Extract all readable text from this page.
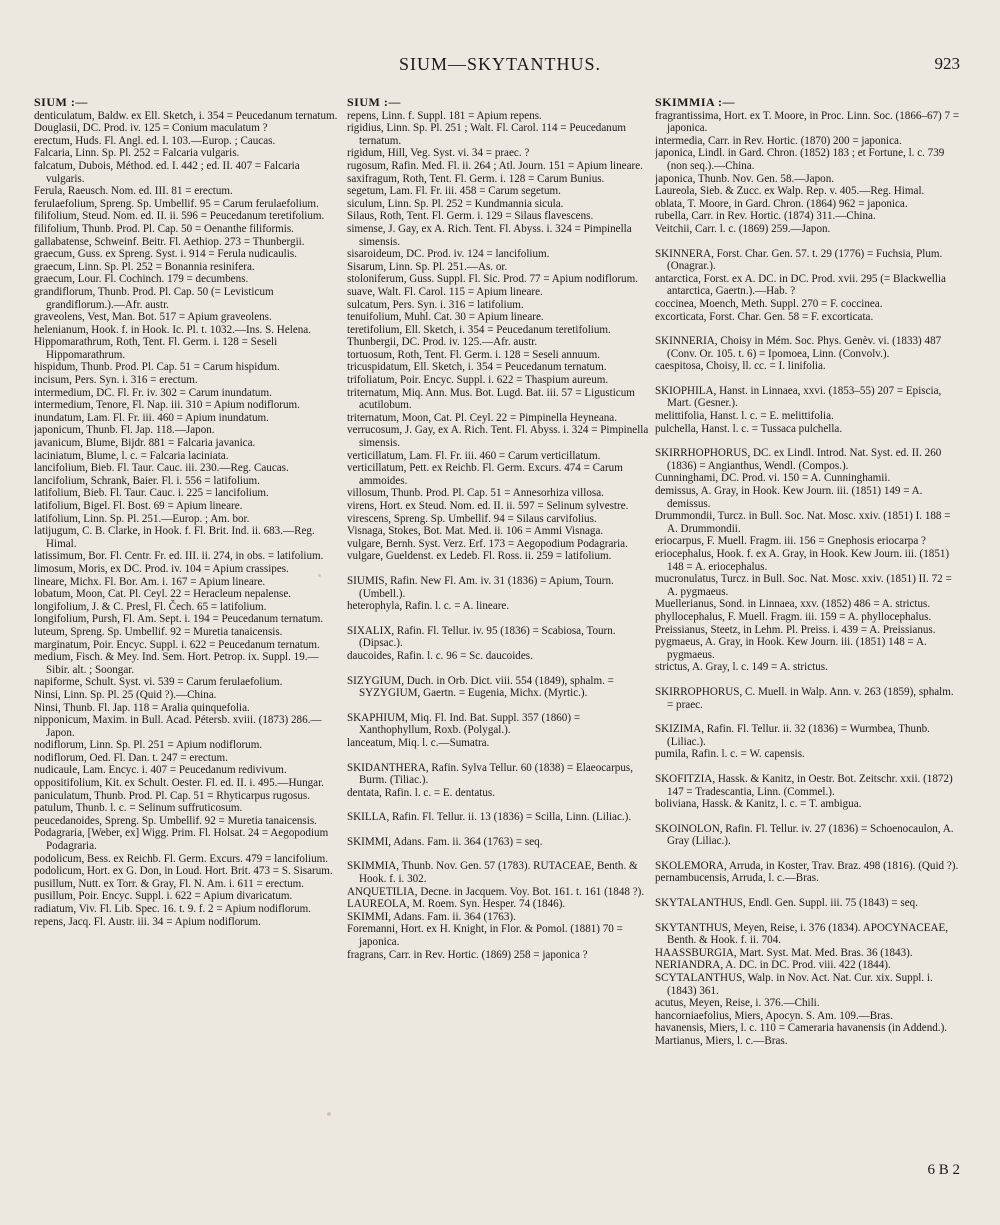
SIUM—SKYTANTHUS.	923
SIUM :—

denticulatum, Baldw. ex Ell. Sketch, i. 354 = Peucedanum ternatum.

Douglasii, DC. Prod. iv. 125 = Conium maculatum ?

erectum, Huds. Fl. Angl. ed. I. 103.—Europ. ; Caucas.

Falcaria, Linn. Sp. Pl. 252 = Falcaria vulgaris.

falcatum, Dubois, Méthod. ed. I. 442 ; ed. II. 407 = Falcaria vulgaris.

Ferula, Raeusch. Nom. ed. III. 81 = erectum.

ferulaefolium, Spreng. Sp. Umbellif. 95 = Carum ferulaefolium.

filifolium, Steud. Nom. ed. II. ii. 596 = Peucedanum teretifolium.

filifolium, Thunb. Prod. Pl. Cap. 50 = Oenanthe filiformis.

gallabatense, Schweinf. Beitr. Fl. Aethiop. 273 = Thunbergii.

graecum, Guss. ex Spreng. Syst. i. 914 = Ferula nudicaulis.

graecum, Linn. Sp. Pl. 252 = Bonannia resinifera.

graecum, Lour. Fl. Cochinch. 179 = decumbens.

grandiflorum, Thunb. Prod. Pl. Cap. 50 (= Levisticum grandiflorum.).—Afr. austr.

graveolens, Vest, Man. Bot. 517 = Apium graveolens.

helenianum, Hook. f. in Hook. Ic. Pl. t. 1032.—Ins. S. Helena.

Hippomarathrum, Roth, Tent. Fl. Germ. i. 128 = Seseli Hippomarathrum.

hispidum, Thunb. Prod. Pl. Cap. 51 = Carum hispidum.

incisum, Pers. Syn. i. 316 = erectum.

intermedium, DC. Fl. Fr. iv. 302 = Carum inundatum.

intermedium, Tenore, Fl. Nap. iii. 310 = Apium nodiflorum.

inundatum, Lam. Fl. Fr. iii. 460 = Apium inundatum.

japonicum, Thunb. Fl. Jap. 118.—Japon.

javanicum, Blume, Bijdr. 881 = Falcaria javanica.

laciniatum, Blume, l. c. = Falcaria laciniata.

lancifolium, Bieb. Fl. Taur. Cauc. iii. 230.—Reg. Caucas.

lancifolium, Schrank, Baier. Fl. i. 556 = latifolium.

latifolium, Bieb. Fl. Taur. Cauc. i. 225 = lancifolium.

latifolium, Bigel. Fl. Bost. 69 = Apium lineare.

latifolium, Linn. Sp. Pl. 251.—Europ. ; Am. bor.

latijugum, C. B. Clarke, in Hook. f. Fl. Brit. Ind. ii. 683.—Reg. Himal.

latissimum, Bor. Fl. Centr. Fr. ed. III. ii. 274, in obs. = latifolium.

limosum, Moris, ex DC. Prod. iv. 104 = Apium crassipes.

lineare, Michx. Fl. Bor. Am. i. 167 = Apium lineare.

lobatum, Moon, Cat. Pl. Ceyl. 22 = Heracleum nepalense.

longifolium, J. & C. Presl, Fl. Čech. 65 = latifolium.

longifolium, Pursh, Fl. Am. Sept. i. 194 = Peucedanum ternatum.

luteum, Spreng. Sp. Umbellif. 92 = Muretia tanaicensis.

marginatum, Poir. Encyc. Suppl. i. 622 = Peucedanum ternatum.

medium, Fisch. & Mey. Ind. Sem. Hort. Petrop. ix. Suppl. 19.—Sibir. alt. ; Soongar.

napiforme, Schult. Syst. vi. 539 = Carum ferulaefolium.

Ninsi, Linn. Sp. Pl. 25 (Quid ?).—China.

Ninsi, Thunb. Fl. Jap. 118 = Aralia quinquefolia.

nipponicum, Maxim. in Bull. Acad. Pétersb. xviii. (1873) 286.—Japon.

nodiflorum, Linn. Sp. Pl. 251 = Apium nodiflorum.

nodiflorum, Oed. Fl. Dan. t. 247 = erectum.

nudicaule, Lam. Encyc. i. 407 = Peucedanum redivivum.

oppositifolium, Kit. ex Schult. Oester. Fl. ed. II. i. 495.—Hungar.

paniculatum, Thunb. Prod. Pl. Cap. 51 = Rhyticarpus rugosus.

patulum, Thunb. l. c. = Selinum suffruticosum.

peucedanoides, Spreng. Sp. Umbellif. 92 = Muretia tanaicensis.

Podagraria, [Weber, ex] Wigg. Prim. Fl. Holsat. 24 = Aegopodium Podagraria.

podolicum, Bess. ex Reichb. Fl. Germ. Excurs. 479 = lancifolium.

podolicum, Hort. ex G. Don, in Loud. Hort. Brit. 473 = S. Sisarum.

pusillum, Nutt. ex Torr. & Gray, Fl. N. Am. i. 611 = erectum.

pusillum, Poir. Encyc. Suppl. i. 622 = Apium divaricatum.

radiatum, Viv. Fl. Lib. Spec. 16. t. 9. f. 2 = Apium nodiflorum.

repens, Jacq. Fl. Austr. iii. 34 = Apium nodiflorum.

SIUM :—

repens, Linn. f. Suppl. 181 = Apium repens.

rigidius, Linn. Sp. Pl. 251 ; Walt. Fl. Carol. 114 = Peucedanum ternatum.

rigidum, Hill, Veg. Syst. vi. 34 = praec. ?

rugosum, Rafin. Med. Fl. ii. 264 ; Atl. Journ. 151 = Apium lineare.

saxifragum, Roth, Tent. Fl. Germ. i. 128 = Carum Bunius.

segetum, Lam. Fl. Fr. iii. 458 = Carum segetum.

siculum, Linn. Sp. Pl. 252 = Kundmannia sicula.

Silaus, Roth, Tent. Fl. Germ. i. 129 = Silaus flavescens.

simense, J. Gay, ex A. Rich. Tent. Fl. Abyss. i. 324 = Pimpinella simensis.

sisaroideum, DC. Prod. iv. 124 = lancifolium.

Sisarum, Linn. Sp. Pl. 251.—As. or.

stoloniferum, Guss. Suppl. Fl. Sic. Prod. 77 = Apium nodiflorum.

suave, Walt. Fl. Carol. 115 = Apium lineare.

sulcatum, Pers. Syn. i. 316 = latifolium.

tenuifolium, Muhl. Cat. 30 = Apium lineare.

teretifolium, Ell. Sketch, i. 354 = Peucedanum teretifolium.

Thunbergii, DC. Prod. iv. 125.—Afr. austr.

tortuosum, Roth, Tent. Fl. Germ. i. 128 = Seseli annuum.

tricuspidatum, Ell. Sketch, i. 354 = Peucedanum ternatum.

trifoliatum, Poir. Encyc. Suppl. i. 622 = Thaspium aureum.

triternatum, Miq. Ann. Mus. Bot. Lugd. Bat. iii. 57 = Ligusticum acutilobum.

triternatum, Moon, Cat. Pl. Ceyl. 22 = Pimpinella Heyneana.

verrucosum, J. Gay, ex A. Rich. Tent. Fl. Abyss. i. 324 = Pimpinella simensis.

verticillatum, Lam. Fl. Fr. iii. 460 = Carum verticillatum.

verticillatum, Pett. ex Reichb. Fl. Germ. Excurs. 474 = Carum ammoides.

villosum, Thunb. Prod. Pl. Cap. 51 = Annesorhiza villosa.

virens, Hort. ex Steud. Nom. ed. II. ii. 597 = Selinum sylvestre.

virescens, Spreng. Sp. Umbellif. 94 = Silaus carvifolius.

Visnaga, Stokes, Bot. Mat. Med. ii. 106 = Ammi Visnaga.

vulgare, Bernh. Syst. Verz. Erf. 173 = Aegopodium Podagraria.

vulgare, Gueldenst. ex Ledeb. Fl. Ross. ii. 259 = latifolium.

SIUMIS, Rafin. New Fl. Am. iv. 31 (1836) = Apium, Tourn. (Umbell.).

heterophyla, Rafin. l. c. = A. lineare.

SIXALIX, Rafin. Fl. Tellur. iv. 95 (1836) = Scabiosa, Tourn. (Dipsac.).

daucoides, Rafin. l. c. 96 = Sc. daucoides.

SIZYGIUM, Duch. in Orb. Dict. viii. 554 (1849), sphalm. = SYZYGIUM, Gaertn. = Eugenia, Michx. (Myrtic.).

SKAPHIUM, Miq. Fl. Ind. Bat. Suppl. 357 (1860) = Xanthophyllum, Roxb. (Polygal.).

lanceatum, Miq. l. c.—Sumatra.

SKIDANTHERA, Rafin. Sylva Tellur. 60 (1838) = Elaeocarpus, Burm. (Tiliac.).

dentata, Rafin. l. c. = E. dentatus.

SKILLA, Rafin. Fl. Tellur. ii. 13 (1836) = Scilla, Linn. (Liliac.).

SKIMMI, Adans. Fam. ii. 364 (1763) = seq.

SKIMMIA, Thunb. Nov. Gen. 57 (1783). RUTACEAE, Benth. & Hook. f. i. 302.

ANQUETILIA, Decne. in Jacquem. Voy. Bot. 161. t. 161 (1848 ?).

LAUREOLA, M. Roem. Syn. Hesper. 74 (1846).

SKIMMI, Adans. Fam. ii. 364 (1763).

Foremanni, Hort. ex H. Knight, in Flor. & Pomol. (1881) 70 = japonica.

fragrans, Carr. in Rev. Hortic. (1869) 258 = japonica ?

SKIMMIA :—

fragrantissima, Hort. ex T. Moore, in Proc. Linn. Soc. (1866–67) 7 = japonica.

intermedia, Carr. in Rev. Hortic. (1870) 200 = japonica.

japonica, Lindl. in Gard. Chron. (1852) 183 ; et Fortune, l. c. 739 (non seq.).—China.

japonica, Thunb. Nov. Gen. 58.—Japon.

Laureola, Sieb. & Zucc. ex Walp. Rep. v. 405.—Reg. Himal.

oblata, T. Moore, in Gard. Chron. (1864) 962 = japonica.

rubella, Carr. in Rev. Hortic. (1874) 311.—China.

Veitchii, Carr. l. c. (1869) 259.—Japon.

SKINNERA, Forst. Char. Gen. 57. t. 29 (1776) = Fuchsia, Plum. (Onagrar.).

antarctica, Forst. ex A. DC. in DC. Prod. xvii. 295 (= Blackwellia antarctica, Gaertn.).—Hab. ?

coccinea, Moench, Meth. Suppl. 270 = F. coccinea.

excorticata, Forst. Char. Gen. 58 = F. excorticata.

SKINNERIA, Choisy in Mém. Soc. Phys. Genèv. vi. (1833) 487 (Conv. Or. 105. t. 6) = Ipomoea, Linn. (Convolv.).

caespitosa, Choisy, ll. cc. = I. linifolia.

SKIOPHILA, Hanst. in Linnaea, xxvi. (1853–55) 207 = Episcia, Mart. (Gesner.).

melittifolia, Hanst. l. c. = E. melittifolia.

pulchella, Hanst. l. c. = Tussaca pulchella.

SKIRRHOPHORUS, DC. ex Lindl. Introd. Nat. Syst. ed. II. 260 (1836) = Angianthus, Wendl. (Compos.).

Cunninghami, DC. Prod. vi. 150 = A. Cunninghamii.

demissus, A. Gray, in Hook. Kew Journ. iii. (1851) 149 = A. demissus.

Drummondii, Turcz. in Bull. Soc. Nat. Mosc. xxiv. (1851) I. 188 = A. Drummondii.

eriocarpus, F. Muell. Fragm. iii. 156 = Gnephosis eriocarpa ?

eriocephalus, Hook. f. ex A. Gray, in Hook. Kew Journ. iii. (1851) 148 = A. eriocephalus.

mucronulatus, Turcz. in Bull. Soc. Nat. Mosc. xxiv. (1851) II. 72 = A. pygmaeus.

Muellerianus, Sond. in Linnaea, xxv. (1852) 486 = A. strictus.

phyllocephalus, F. Muell. Fragm. iii. 159 = A. phyllocephalus.

Preissianus, Steetz, in Lehm. Pl. Preiss. i. 439 = A. Preissianus.

pygmaeus, A. Gray, in Hook. Kew Journ. iii. (1851) 148 = A. pygmaeus.

strictus, A. Gray, l. c. 149 = A. strictus.

SKIRROPHORUS, C. Muell. in Walp. Ann. v. 263 (1859), sphalm. = praec.

SKIZIMA, Rafin. Fl. Tellur. ii. 32 (1836) = Wurmbea, Thunb. (Liliac.).

pumila, Rafin. l. c. = W. capensis.

SKOFITZIA, Hassk. & Kanitz, in Oestr. Bot. Zeitschr. xxii. (1872) 147 = Tradescantia, Linn. (Commel.).

boliviana, Hassk. & Kanitz, l. c. = T. ambigua.

SKOINOLON, Rafin. Fl. Tellur. iv. 27 (1836) = Schoenocaulon, A. Gray (Liliac.).

SKOLEMORA, Arruda, in Koster, Trav. Braz. 498 (1816). (Quid ?).

pernambucensis, Arruda, l. c.—Bras.

SKYTALANTHUS, Endl. Gen. Suppl. iii. 75 (1843) = seq.

SKYTANTHUS, Meyen, Reise, i. 376 (1834). APOCYNACEAE, Benth. & Hook. f. ii. 704.

HAASSBURGIA, Mart. Syst. Mat. Med. Bras. 36 (1843).

NERIANDRA, A. DC. in DC. Prod. viii. 422 (1844).

SCYTALANTHUS, Walp. in Nov. Act. Nat. Cur. xix. Suppl. i. (1843) 361.

acutus, Meyen, Reise, i. 376.—Chili.

hancorniaefolius, Miers, Apocyn. S. Am. 109.—Bras.

havanensis, Miers, l. c. 110 = Cameraria havanensis (in Addend.).

Martianus, Miers, l. c.—Bras.

6 B 2
